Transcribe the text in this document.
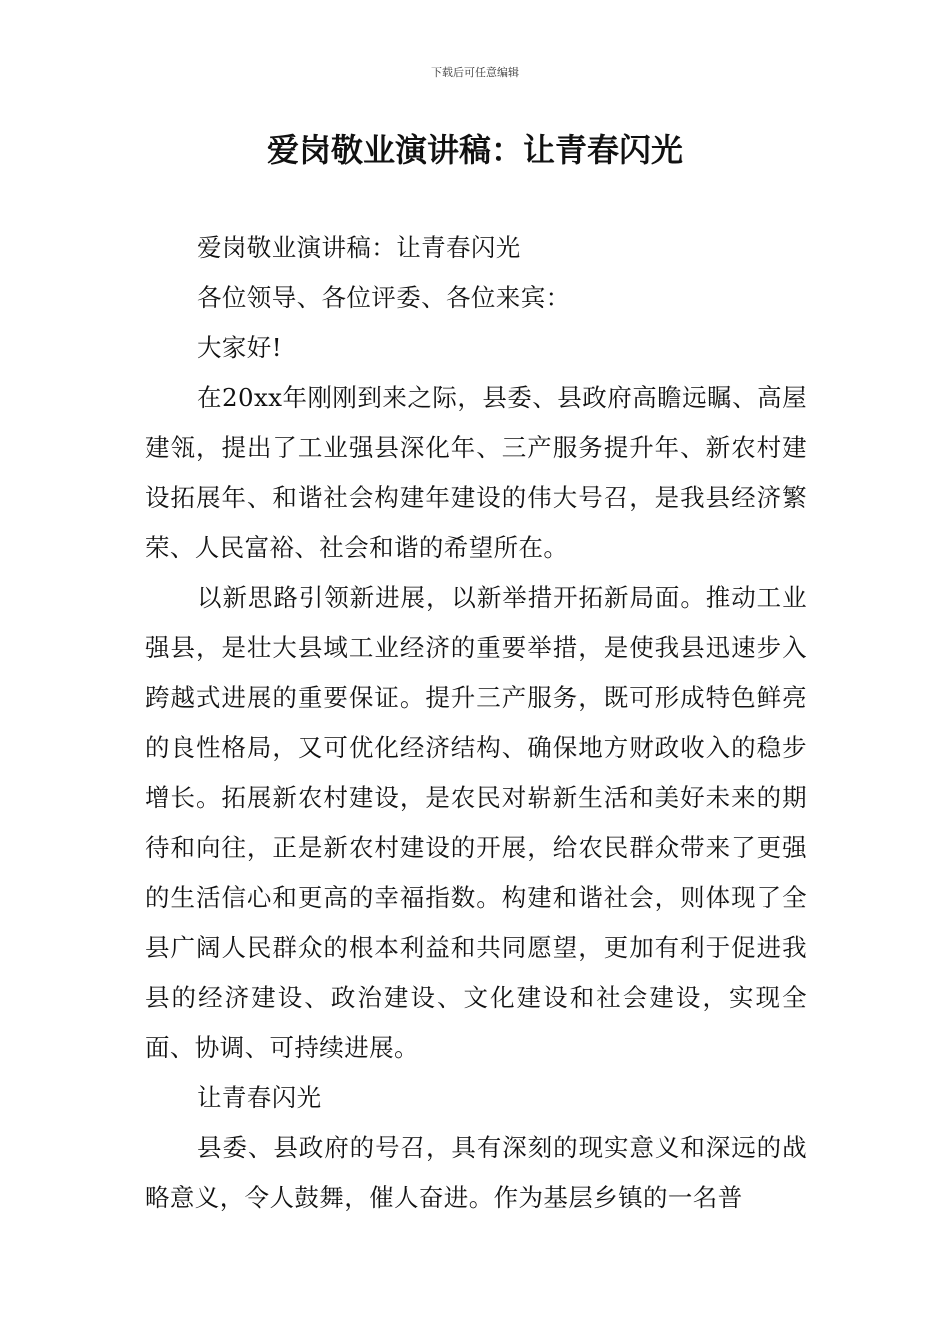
下载后可任意编辑
爱岗敬业演讲稿：让青春闪光

爱岗敬业演讲稿：让青春闪光

各位领导、各位评委、各位来宾：

大家好!

在20xx年刚刚到来之际，县委、县政府高瞻远瞩、高屋建瓴，提出了工业强县深化年、三产服务提升年、新农村建设拓展年、和谐社会构建年建设的伟大号召，是我县经济繁荣、人民富裕、社会和谐的希望所在。

以新思路引领新进展，以新举措开拓新局面。推动工业强县，是壮大县域工业经济的重要举措，是使我县迅速步入跨越式进展的重要保证。提升三产服务，既可形成特色鲜亮的良性格局，又可优化经济结构、确保地方财政收入的稳步增长。拓展新农村建设，是农民对崭新生活和美好未来的期待和向往，正是新农村建设的开展，给农民群众带来了更强的生活信心和更高的幸福指数。构建和谐社会，则体现了全县广阔人民群众的根本利益和共同愿望，更加有利于促进我县的经济建设、政治建设、文化建设和社会建设，实现全面、协调、可持续进展。

让青春闪光

县委、县政府的号召，具有深刻的现实意义和深远的战略意义，令人鼓舞，催人奋进。作为基层乡镇的一名普
